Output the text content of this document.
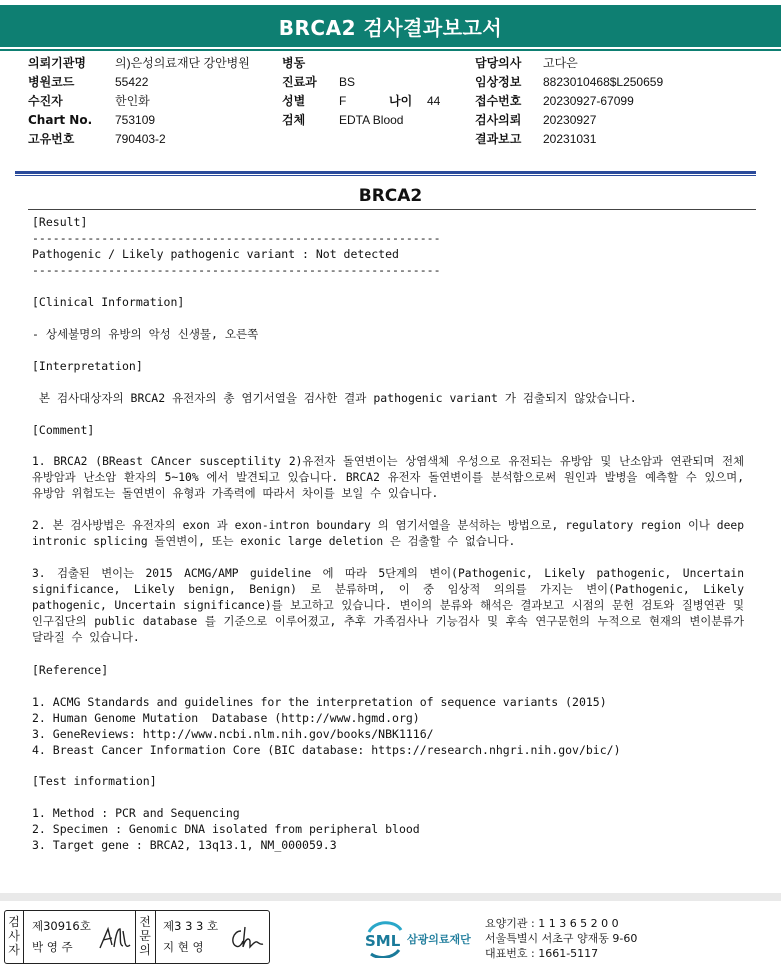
BRCA2 검사결과보고서
의뢰기관명 의)은성의료재단 강안병원
병원코드	55422
수진자	한인화
Chart No. 753109
고유번호	790403-2
병동
진료과 BS
성별	F	나이 44
검체	EDTA Blood
담당의사 고다은
임상정보 8823010468$L250659
접수번호 20230927-67099
검사의뢰 20230927
결과보고 20231031
BRCA2
[Result]
-----------------------------------------------------------
Pathogenic / Likely pathogenic variant : Not detected
-----------------------------------------------------------
[Clinical Information]
- 상세불명의 유방의 악성 신생물, 오른쪽
[Interpretation]
본 검사대상자의 BRCA2 유전자의 총 염기서열을 검사한 결과 pathogenic variant 가 검출되지 않았습니다.
[Comment]
1. BRCA2 (BReast CAncer susceptility 2)유전자 돌연변이는 상염색체 우성으로 유전되는 유방암 및 난소암과 연관되며 전체 유방암과 난소암 환자의 5~10% 에서 발견되고 있습니다. BRCA2 유전자 돌연변이를 분석함으로써 원인과 발병을 예측할 수 있으며, 유방암 위험도는 돌연변이 유형과 가족력에 따라서 차이를 보일 수 있습니다.
2. 본 검사방법은 유전자의 exon 과 exon-intron boundary 의 염기서열을 분석하는 방법으로, regulatory region 이나 deep intronic splicing 돌연변이, 또는 exonic large deletion 은 검출할 수 없습니다.
3. 검출된 변이는 2015 ACMG/AMP guideline 에 따라 5단계의 변이(Pathogenic, Likely pathogenic, Uncertain significance, Likely benign, Benign) 로 분류하며, 이 중 임상적 의의를 가지는 변이(Pathogenic, Likely pathogenic, Uncertain significance)를 보고하고 있습니다. 변이의 분류와 해석은 결과보고 시점의 문헌 검토와 질병연관 및 인구집단의 public database 를 기준으로 이루어졌고, 추후 가족검사나 기능검사 및 후속 연구문헌의 누적으로 현재의 변이분류가 달라질 수 있습니다.
[Reference]
1. ACMG Standards and guidelines for the interpretation of sequence variants (2015)
2. Human Genome Mutation  Database (http://www.hgmd.org)
3. GeneReviews: http://www.ncbi.nlm.nih.gov/books/NBK1116/
4. Breast Cancer Information Core (BIC database: https://research.nhgri.nih.gov/bic/)
[Test information]
1. Method : PCR and Sequencing
2. Specimen : Genomic DNA isolated from peripheral blood
3. Target gene : BRCA2, 13q13.1, NM_000059.3
검
사
자
제30916호
박 영 주
전
문
의
제3 3 3 호
지 현 영	SML 삼광의료재단
요양기관 : 1 1 3 6 5 2 0 0
서울특별시 서초구 양재동 9-60
대표번호 : 1661-5117
